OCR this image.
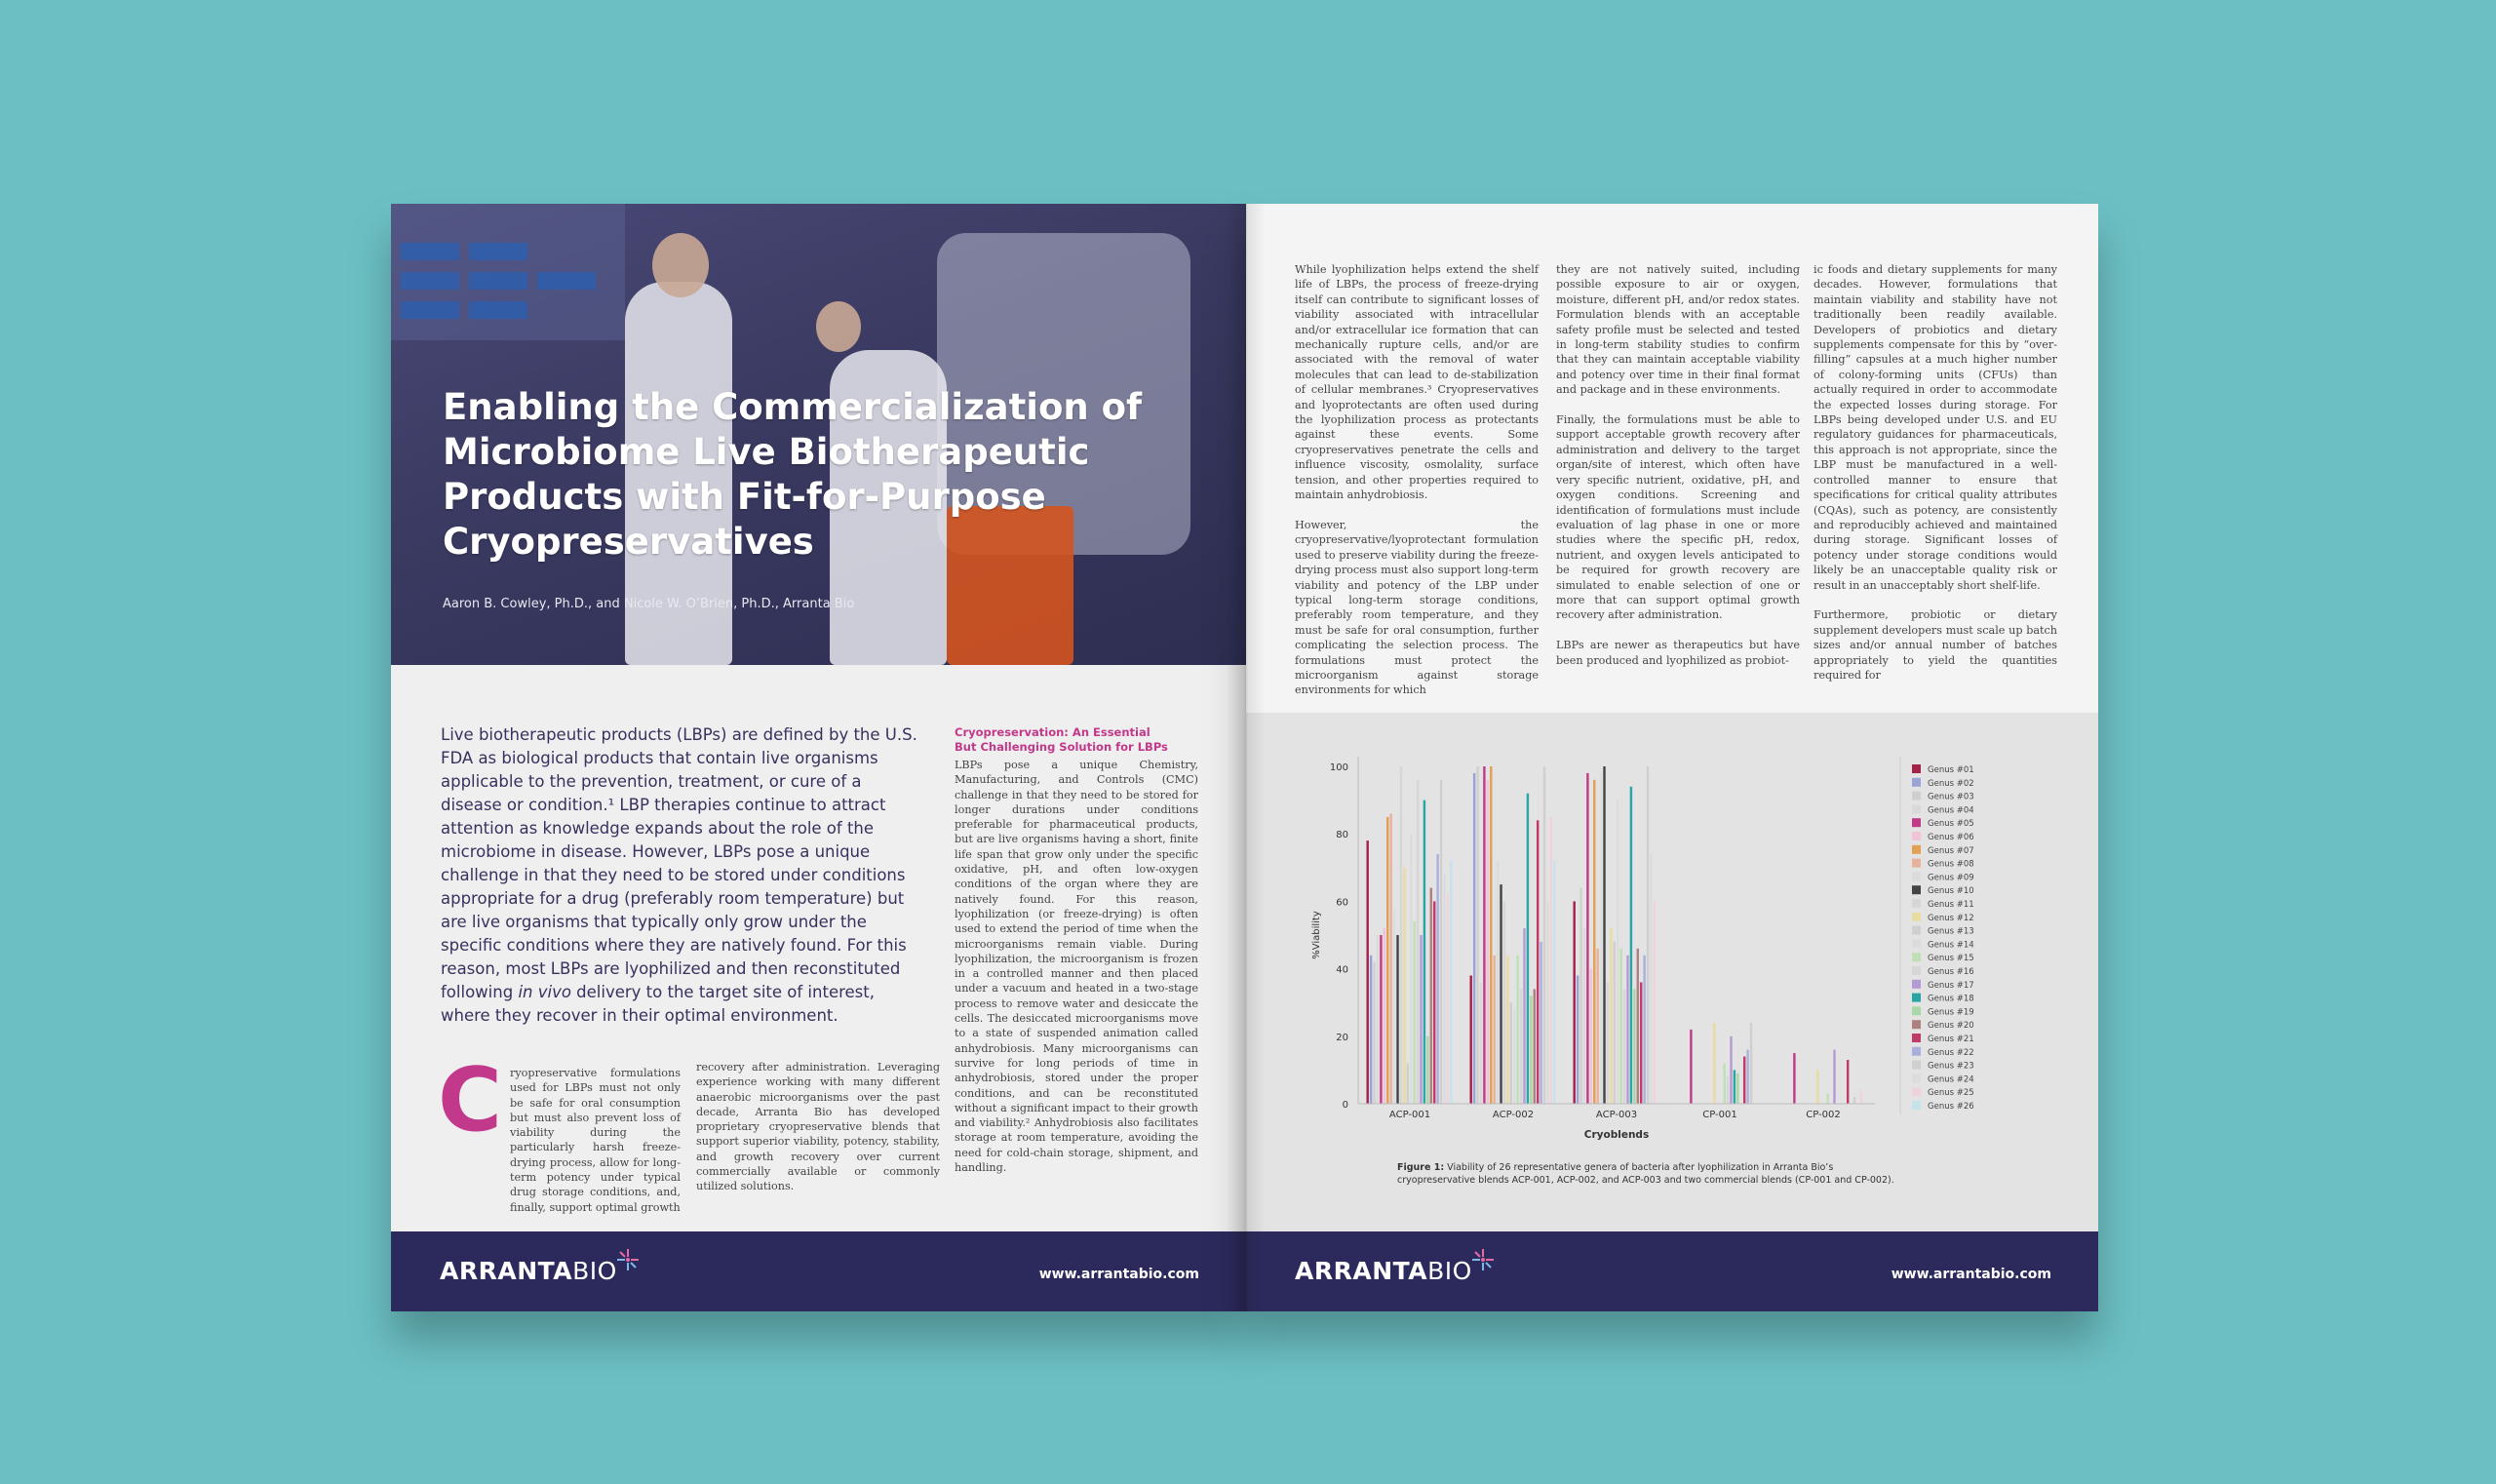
Enabling the Commercialization of Microbiome Live Biotherapeutic Products with Fit-for-Purpose Cryopreservatives

Aaron B. Cowley, Ph.D., and Nicole W. O’Brien, Ph.D., Arranta Bio

Live biotherapeutic products (LBPs) are defined by the U.S. FDA as biological products that contain live organisms applicable to the prevention, treatment, or cure of a disease or condition.¹ LBP therapies continue to attract attention as knowledge expands about the role of the microbiome in disease. However, LBPs pose a unique challenge in that they need to be stored under conditions appropriate for a drug (preferably room temperature) but are live organisms that typically only grow under the specific conditions where they are natively found. For this reason, most LBPs are lyophilized and then reconstituted following in vivo delivery to the target site of interest, where they recover in their optimal environment.

C ryopreservative formulations used for LBPs must not only be safe for oral consumption but must also prevent loss of viability during the particularly harsh freeze-drying process, allow for long-term potency under typical drug storage conditions, and, finally, support optimal growth

recovery after administration. Leveraging experience working with many different anaerobic microorganisms over the past decade, Arranta Bio has developed proprietary cryopreservative blends that support superior viability, potency, stability, and growth recovery over current commercially available or commonly utilized solutions.

Cryopreservation: An Essential But Challenging Solution for LBPs

LBPs pose a unique Chemistry, Manufacturing, and Controls (CMC) challenge in that they need to be stored for longer durations under conditions preferable for pharmaceutical products, but are live organisms having a short, finite life span that grow only under the specific oxidative, pH, and often low-oxygen conditions of the organ where they are natively found. For this reason, lyophilization (or freeze-drying) is often used to extend the period of time when the microorganisms remain viable. During lyophilization, the microorganism is frozen in a controlled manner and then placed under a vacuum and heated in a two-stage process to remove water and desiccate the cells. The desiccated microorganisms move to a state of suspended animation called anhydrobiosis. Many microorganisms can survive for long periods of time in anhydrobiosis, stored under the proper conditions, and can be reconstituted without a significant impact to their growth and viability.² Anhydrobiosis also facilitates storage at room temperature, avoiding the need for cold-chain storage, shipment, and handling.

ARRANTABIO	www.arrantabio.com

While lyophilization helps extend the shelf life of LBPs, the process of freeze-drying itself can contribute to significant losses of viability associated with intracellular and/or extracellular ice formation that can mechanically rupture cells, and/or are associated with the removal of water molecules that can lead to de-stabilization of cellular membranes.³ Cryopreservatives and lyoprotectants are often used during the lyophilization process as protectants against these events. Some cryopreservatives penetrate the cells and influence viscosity, osmolality, surface tension, and other properties required to maintain anhydrobiosis.

However, the cryopreservative/lyoprotectant formulation used to preserve viability during the freeze-drying process must also support long-term viability and potency of the LBP under typical long-term storage conditions, preferably room temperature, and they must be safe for oral consumption, further complicating the selection process. The formulations must protect the microorganism against storage environments for which

they are not natively suited, including possible exposure to air or oxygen, moisture, different pH, and/or redox states. Formulation blends with an acceptable safety profile must be selected and tested in long-term stability studies to confirm that they can maintain acceptable viability and potency over time in their final format and package and in these environments.

Finally, the formulations must be able to support acceptable growth recovery after administration and delivery to the target organ/site of interest, which often have very specific nutrient, oxidative, pH, and oxygen conditions. Screening and identification of formulations must include evaluation of lag phase in one or more studies where the specific pH, redox, nutrient, and oxygen levels anticipated to be required for growth recovery are simulated to enable selection of one or more that can support optimal growth recovery after administration.

LBPs are newer as therapeutics but have been produced and lyophilized as probiot-

ic foods and dietary supplements for many decades. However, formulations that maintain viability and stability have not traditionally been readily available. Developers of probiotics and dietary supplements compensate for this by “over-filling” capsules at a much higher number of colony-forming units (CFUs) than actually required in order to accommodate the expected losses during storage. For LBPs being developed under U.S. and EU regulatory guidances for pharmaceuticals, this approach is not appropriate, since the LBP must be manufactured in a well-controlled manner to ensure that specifications for critical quality attributes (CQAs), such as potency, are consistently and reproducibly achieved and maintained during storage. Significant losses of potency under storage conditions would likely be an unacceptable quality risk or result in an unacceptably short shelf-life.

Furthermore, probiotic or dietary supplement developers must scale up batch sizes and/or annual number of batches appropriately to yield the quantities required for

0
20
40
60
80
100
%Viability
Cryoblends
ACP-001	ACP-002	ACP-003	CP-001	CP-002
Genus #01
Genus #02
Genus #03
Genus #04
Genus #05
Genus #06
Genus #07
Genus #08
Genus #09
Genus #10
Genus #11
Genus #12
Genus #13
Genus #14
Genus #15
Genus #16
Genus #17
Genus #18
Genus #19
Genus #20
Genus #21
Genus #22
Genus #23
Genus #24
Genus #25
Genus #26

Figure 1: Viability of 26 representative genera of bacteria after lyophilization in Arranta Bio’s cryopreservative blends ACP-001, ACP-002, and ACP-003 and two commercial blends (CP-001 and CP-002).

ARRANTABIO	www.arrantabio.com
